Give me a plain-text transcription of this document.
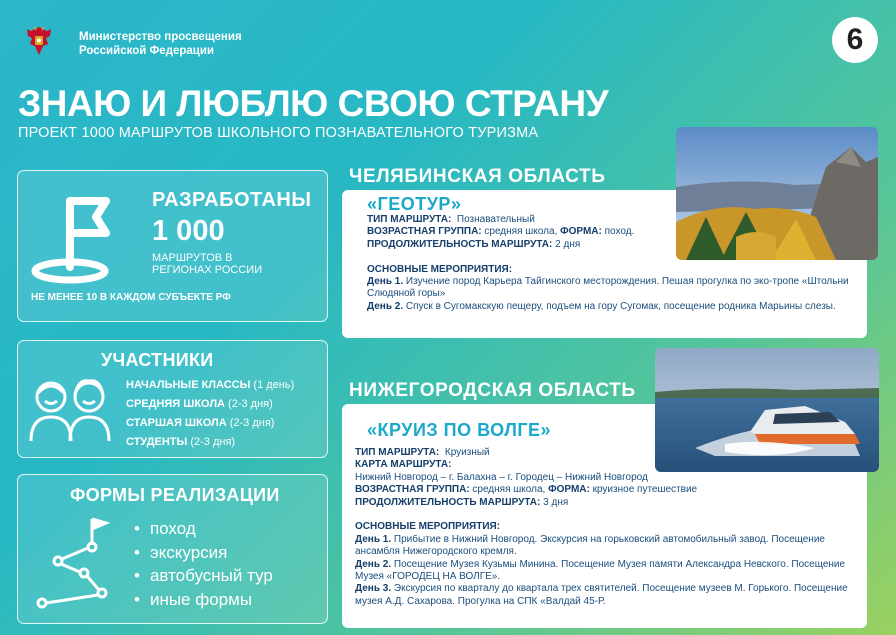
Министерство просвещения
Российской Федерации	6
ЗНАЮ И ЛЮБЛЮ СВОЮ СТРАНУ
ПРОЕКТ 1000 МАРШРУТОВ ШКОЛЬНОГО ПОЗНАВАТЕЛЬНОГО ТУРИЗМА
РАЗРАБОТАНЫ
1 000
МАРШРУТОВ В РЕГИОНАХ РОССИИ
НЕ МЕНЕЕ 10 В КАЖДОМ СУБЪЕКТЕ РФ
УЧАСТНИКИ
НАЧАЛЬНЫЕ КЛАССЫ (1 день)
СРЕДНЯЯ ШКОЛА (2-3 дня)
СТАРШАЯ ШКОЛА (2-3 дня)
СТУДЕНТЫ (2-3 дня)
ФОРМЫ РЕАЛИЗАЦИИ
• поход
• экскурсия
• автобусный тур
• иные формы
ЧЕЛЯБИНСКАЯ ОБЛАСТЬ
«ГЕОТУР»

ТИП МАРШРУТА: Познавательный

ВОЗРАСТНАЯ ГРУППА: средняя школа, ФОРМА: поход.

ПРОДОЛЖИТЕЛЬНОСТЬ МАРШРУТА: 2 дня

ОСНОВНЫЕ МЕРОПРИЯТИЯ:

День 1. Изучение пород Карьера Тайгинского месторождения. Пешая прогулка по эко-тропе «Штольни Слюдяной горы»

День 2. Спуск в Сугомакскую пещеру, подъем на гору Сугомак, посещение родника Марьины слезы.

НИЖЕГОРОДСКАЯ ОБЛАСТЬ
«КРУИЗ ПО ВОЛГЕ»

ТИП МАРШРУТА: Круизный

КАРТА МАРШРУТА:

Нижний Новгород – г. Балахна – г. Городец – Нижний Новгород

ВОЗРАСТНАЯ ГРУППА: средняя школа, ФОРМА: круизное путешествие

ПРОДОЛЖИТЕЛЬНОСТЬ МАРШРУТА: 3 дня

ОСНОВНЫЕ МЕРОПРИЯТИЯ:

День 1. Прибытие в Нижний Новгород. Экскурсия на горьковский автомобильный завод. Посещение ансамбля Нижегородского кремля.

День 2. Посещение Музея Кузьмы Минина. Посещение Музея памяти Александра Невского. Посещение Музея «ГОРОДЕЦ НА ВОЛГЕ».

День 3. Экскурсия по кварталу до квартала трех святителей. Посещение музеев М. Горького. Посещение музея А.Д. Сахарова. Прогулка на СПК «Валдай 45-Р.
